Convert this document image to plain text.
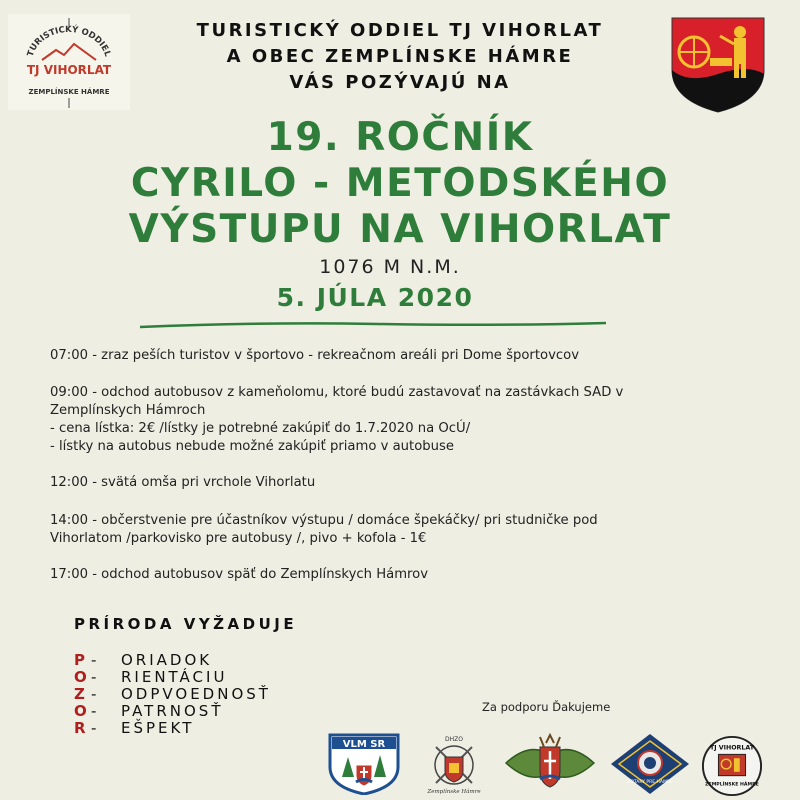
TURISTICKÝ ODDIEL
TJ VIHORLAT
ZEMPLÍNSKE HÁMRE
TURISTICKÝ ODDIEL TJ VIHORLAT
A OBEC ZEMPLÍNSKE HÁMRE
VÁS POZÝVAJÚ NA
19. ROČNÍK
CYRILO - METODSKÉHO
VÝSTUPU NA VIHORLAT
1076 M N.M.
5. JÚLA 2020
07:00 - zraz peších turistov v športovo - rekreačnom areáli pri Dome športovcov
09:00 - odchod autobusov z kameňolomu, ktoré budú zastavovať na zastávkach SAD v
Zemplínskych Hámroch
- cena lístka: 2€ /lístky je potrebné zakúpiť do 1.7.2020 na OcÚ/
- lístky na autobus nebude možné zakúpiť priamo v autobuse
12:00 - svätá omša pri vrchole Vihorlatu
14:00 - občerstvenie pre účastníkov výstupu / domáce špekáčky/ pri studničke pod
Vihorlatom /parkovisko pre autobusy /, pivo + kofola - 1€
17:00 - odchod autobusov späť do Zemplínskych Hámrov
PRÍRODA VYŽADUJE
P - ORIADOK
O- RIENTÁCIU
Z - ODPVOEDNOSŤ
O- PATRNOSŤ
R - EŠPEKT
Za podporu Ďakujeme
VLM SR	DHZO
Zemplínske Hámre
ROTARY PRE HÁMRE
TJ VIHORLAT
ZEMPLÍNSKE HÁMRE
